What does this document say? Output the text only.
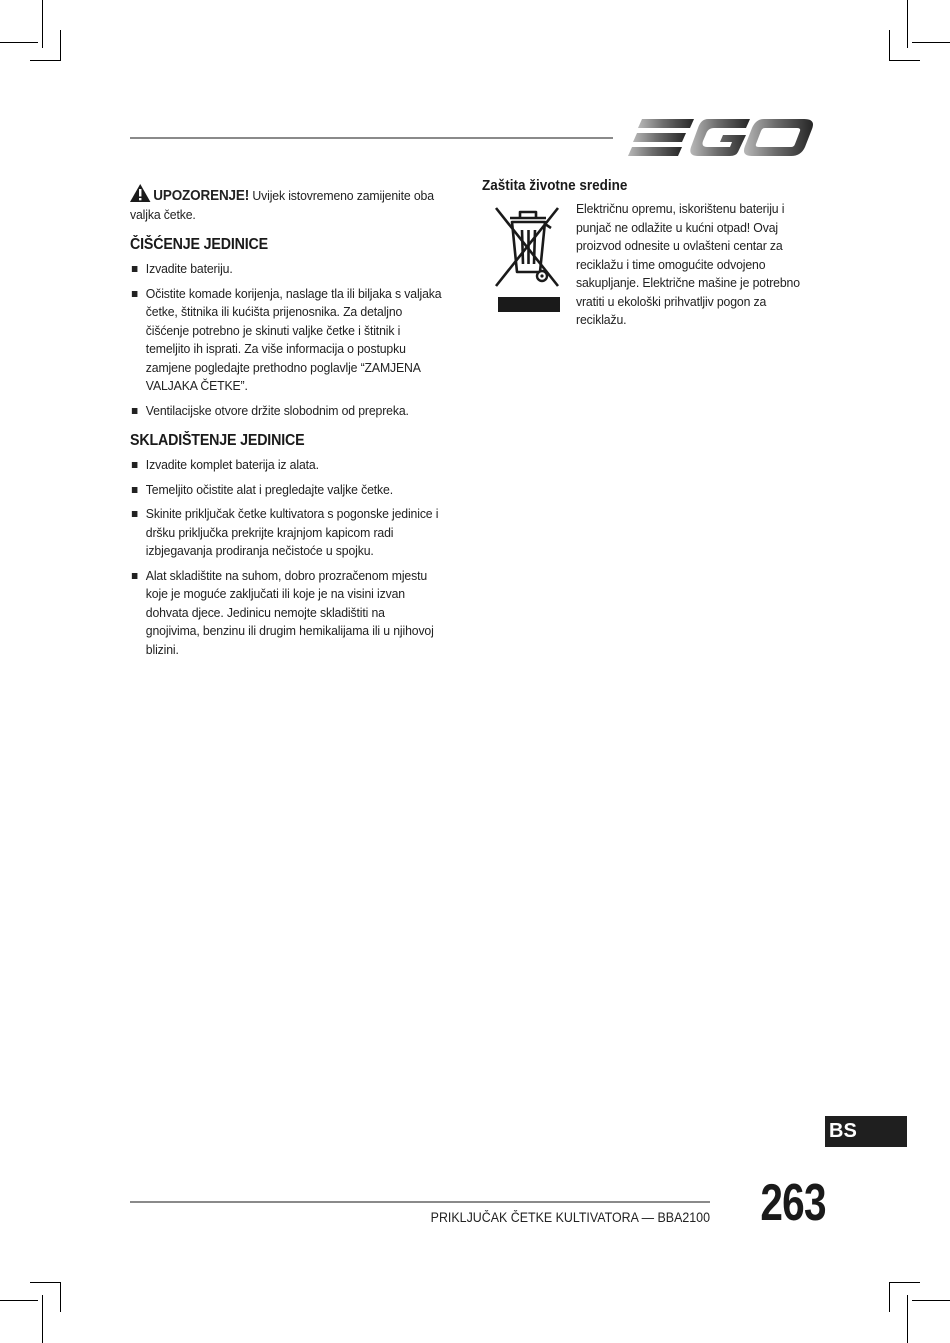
EGO

UPOZORENJE! Uvijek istovremeno zamijenite oba valjka četke.

ČIŠĆENJE JEDINICE
Izvadite bateriju.
Očistite komade korijenja, naslage tla ili biljaka s valjaka četke, štitnika ili kućišta prijenosnika. Za detaljno čišćenje potrebno je skinuti valjke četke i štitnik i temeljito ih isprati. Za više informacija o postupku zamjene pogledajte prethodno poglavlje “ZAMJENA VALJAKA ČETKE”.
Ventilacijske otvore držite slobodnim od prepreka.
SKLADIŠTENJE JEDINICE
Izvadite komplet baterija iz alata.
Temeljito očistite alat i pregledajte valjke četke.
Skinite priključak četke kultivatora s pogonske jedinice i dršku priključka prekrijte krajnjom kapicom radi izbjegavanja prodiranja nečistoće u spojku.
Alat skladištite na suhom, dobro prozračenom mjestu koje je moguće zaključati ili koje je na visini izvan dohvata djece. Jedinicu nemojte skladištiti na gnojivima, benzinu ili drugim hemikalijama ili u njihovoj blizini.
Zaštita životne sredine

Električnu opremu, iskorištenu bateriju i punjač ne odlažite u kućni otpad! Ovaj proizvod odnesite u ovlašteni centar za reciklažu i time omogućite odvojeno sakupljanje. Električne mašine je potrebno vratiti u ekološki prihvatljiv pogon za reciklažu.

BS
PRIKLJUČAK ČETKE KULTIVATORA — BBA2100 263
